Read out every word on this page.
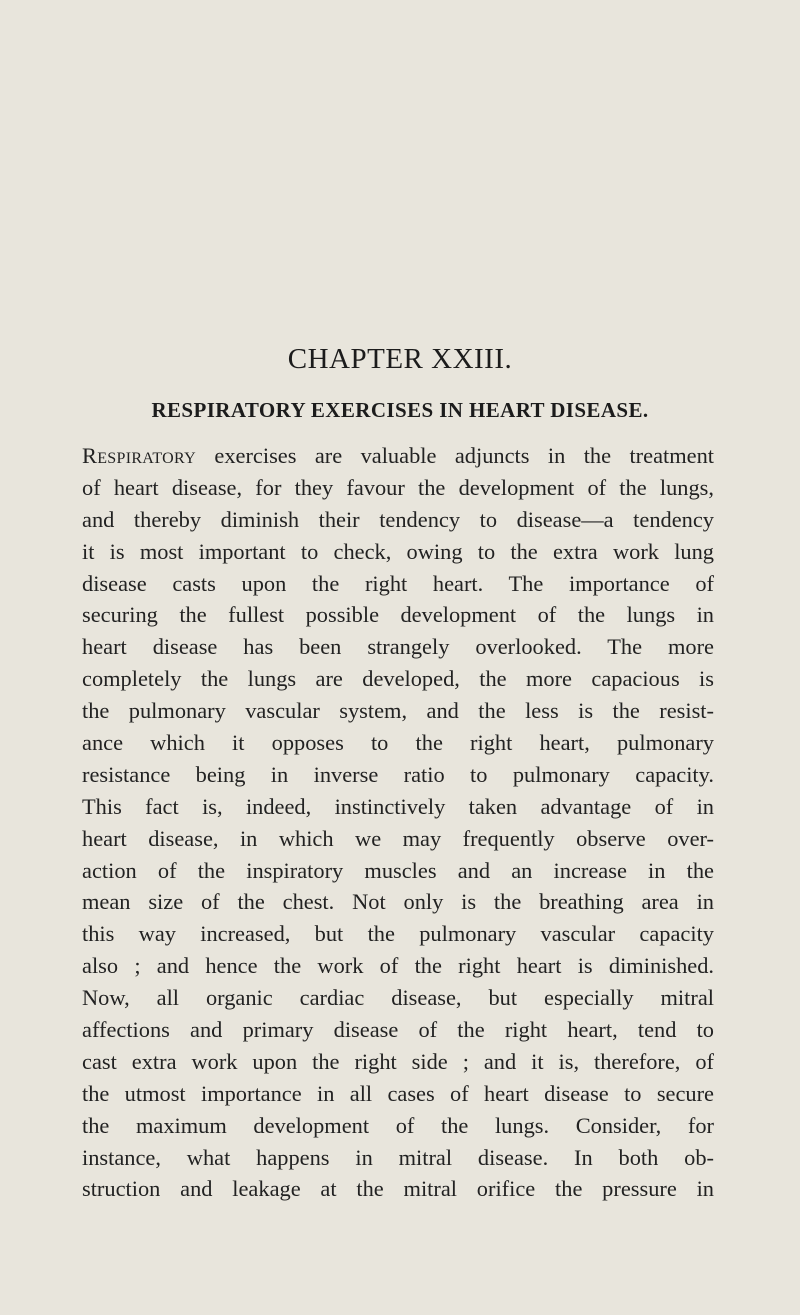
CHAPTER XXIII.
RESPIRATORY EXERCISES IN HEART DISEASE.
Respiratory exercises are valuable adjuncts in the treatment
of heart disease, for they favour the development of the lungs,
and thereby diminish their tendency to disease—a tendency
it is most important to check, owing to the extra work lung
disease casts upon the right heart. The importance of
securing the fullest possible development of the lungs in
heart disease has been strangely overlooked. The more
completely the lungs are developed, the more capacious is
the pulmonary vascular system, and the less is the resist-
ance which it opposes to the right heart, pulmonary
resistance being in inverse ratio to pulmonary capacity.
This fact is, indeed, instinctively taken advantage of in
heart disease, in which we may frequently observe over-
action of the inspiratory muscles and an increase in the
mean size of the chest. Not only is the breathing area in
this way increased, but the pulmonary vascular capacity
also ; and hence the work of the right heart is diminished.
Now, all organic cardiac disease, but especially mitral
affections and primary disease of the right heart, tend to
cast extra work upon the right side ; and it is, therefore, of
the utmost importance in all cases of heart disease to secure
the maximum development of the lungs. Consider, for
instance, what happens in mitral disease. In both ob-
struction and leakage at the mitral orifice the pressure in
